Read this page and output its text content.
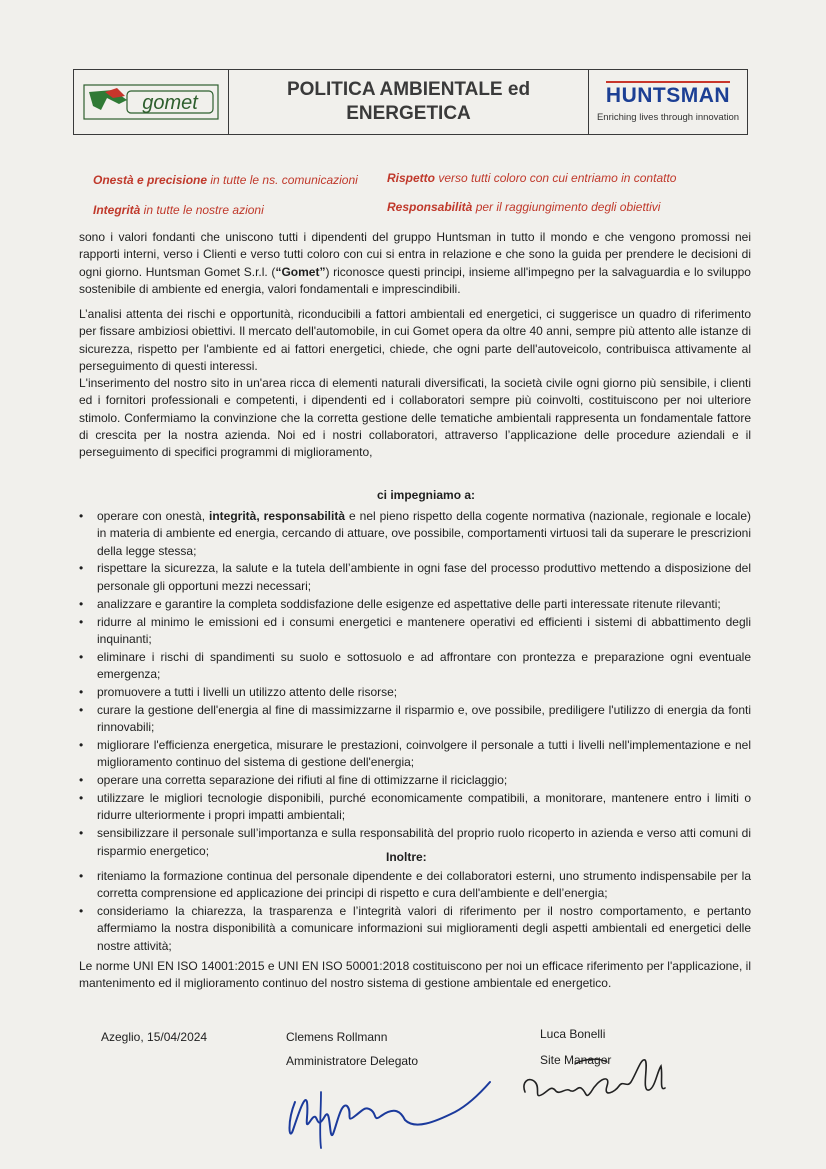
gomet
POLITICA AMBIENTALE ed
ENERGETICA
HUNTSMAN
Enriching lives through innovation
Onestà e precisione in tutte le ns. comunicazioni Rispetto verso tutti coloro con cui entriamo in contatto
Integrità in tutte le nostre azioni	Responsabilità per il raggiungimento degli obiettivi

sono i valori fondanti che uniscono tutti i dipendenti del gruppo Huntsman in tutto il mondo e che vengono promossi nei rapporti interni, verso i Clienti e verso tutti coloro con cui si entra in relazione e che sono la guida per prendere le decisioni di ogni giorno. Huntsman Gomet S.r.l. (“Gomet”) riconosce questi principi, insieme all'impegno per la salvaguardia e lo sviluppo sostenibile di ambiente ed energia, valori fondamentali e imprescindibili.

L’analisi attenta dei rischi e opportunità, riconducibili a fattori ambientali ed energetici, ci suggerisce un quadro di riferimento per fissare ambiziosi obiettivi. Il mercato dell'automobile, in cui Gomet opera da oltre 40 anni, sempre più attento alle istanze di sicurezza, rispetto per l'ambiente ed ai fattori energetici, chiede, che ogni parte dell'autoveicolo, contribuisca attivamente al perseguimento di questi interessi.

L'inserimento del nostro sito in un'area ricca di elementi naturali diversificati, la società civile ogni giorno più sensibile, i clienti ed i fornitori professionali e competenti, i dipendenti ed i collaboratori sempre più coinvolti, costituiscono per noi ulteriore stimolo. Confermiamo la convinzione che la corretta gestione delle tematiche ambientali rappresenta un fondamentale fattore di crescita per la nostra azienda. Noi ed i nostri collaboratori, attraverso l’applicazione delle procedure aziendali e il perseguimento di specifici programmi di miglioramento,

ci impegniamo a:
• operare con onestà, integrità, responsabilità e nel pieno rispetto della cogente normativa (nazionale, regionale e locale) in materia di ambiente ed energia, cercando di attuare, ove possibile, comportamenti virtuosi tali da superare le prescrizioni della legge stessa;
• rispettare la sicurezza, la salute e la tutela dell’ambiente in ogni fase del processo produttivo mettendo a disposizione del personale gli opportuni mezzi necessari;
• analizzare e garantire la completa soddisfazione delle esigenze ed aspettative delle parti interessate ritenute rilevanti;
• ridurre al minimo le emissioni ed i consumi energetici e mantenere operativi ed efficienti i sistemi di abbattimento degli inquinanti;
• eliminare i rischi di spandimenti su suolo e sottosuolo e ad affrontare con prontezza e preparazione ogni eventuale emergenza;
• promuovere a tutti i livelli un utilizzo attento delle risorse;
• curare la gestione dell'energia al fine di massimizzarne il risparmio e, ove possibile, prediligere l'utilizzo di energia da fonti rinnovabili;
• migliorare l'efficienza energetica, misurare le prestazioni, coinvolgere il personale a tutti i livelli nell'implementazione e nel miglioramento continuo del sistema di gestione dell'energia;
• operare una corretta separazione dei rifiuti al fine di ottimizzarne il riciclaggio;
• utilizzare le migliori tecnologie disponibili, purché economicamente compatibili, a monitorare, mantenere entro i limiti o ridurre ulteriormente i propri impatti ambientali;
• sensibilizzare il personale sull’importanza e sulla responsabilità del proprio ruolo ricoperto in azienda e verso atti comuni di risparmio energetico;	Inoltre:
• riteniamo la formazione continua del personale dipendente e dei collaboratori esterni, uno strumento indispensabile per la corretta comprensione ed applicazione dei principi di rispetto e cura dell'ambiente e dell’energia;
• consideriamo la chiarezza, la trasparenza e l’integrità valori di riferimento per il nostro comportamento, e pertanto affermiamo la nostra disponibilità a comunicare informazioni sui miglioramenti degli aspetti ambientali ed energetici delle nostre attività;

Le norme UNI EN ISO 14001:2015 e UNI EN ISO 50001:2018 costituiscono per noi un efficace riferimento per l'applicazione, il mantenimento ed il miglioramento continuo del nostro sistema di gestione ambientale ed energetico.

Azeglio, 15/04/2024	Clemens Rollmann
Amministratore Delegato
Luca Bonelli
Site Manager
